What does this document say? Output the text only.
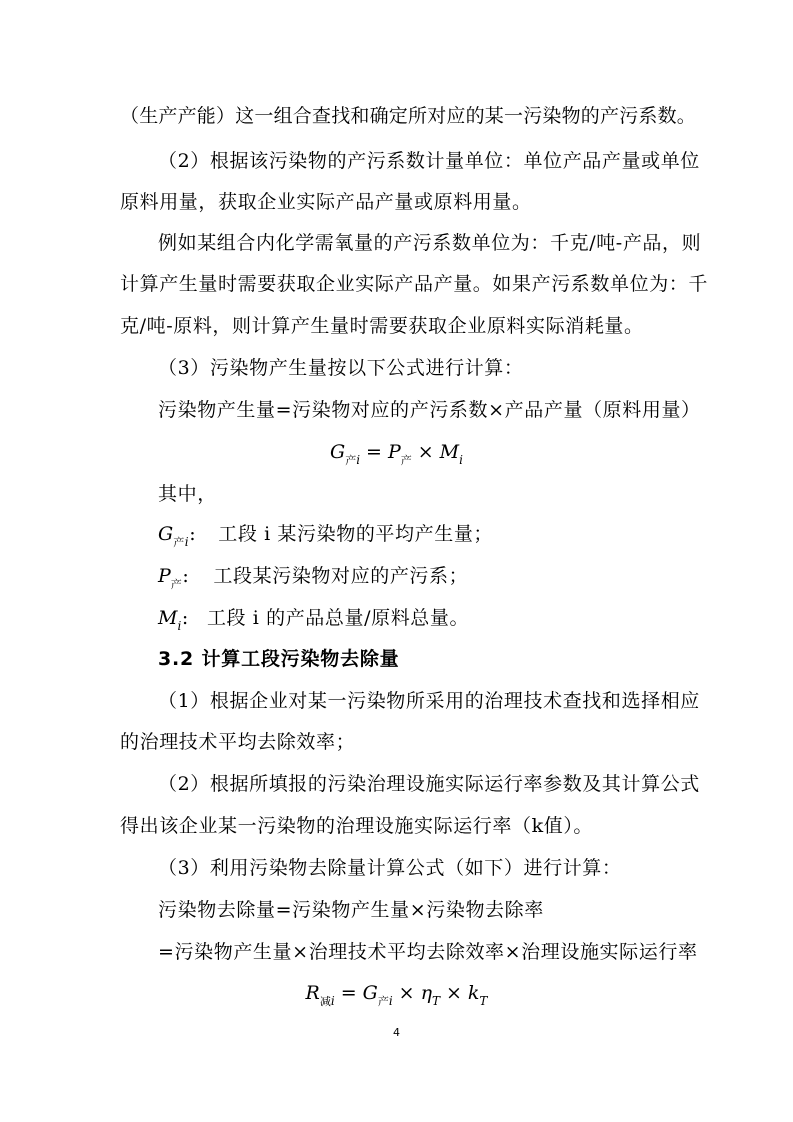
（生产产能）这一组合查找和确定所对应的某一污染物的产污系数。
（2）根据该污染物的产污系数计量单位：单位产品产量或单位
原料用量，获取企业实际产品产量或原料用量。
例如某组合内化学需氧量的产污系数单位为：千克/吨-产品，则
计算产生量时需要获取企业实际产品产量。如果产污系数单位为：千
克/吨-原料，则计算产生量时需要获取企业原料实际消耗量。
（3）污染物产生量按以下公式进行计算：
污染物产生量=污染物对应的产污系数×产品产量（原料用量）
$G_{产i} = P_产 \times M_i$
其中，
$G_{产i}$: 工段 i 某污染物的平均产生量；
$P_产$: 工段某污染物对应的产污系；
$M_i$: 工段 i 的产品总量/原料总量。
3.2 计算工段污染物去除量
（1）根据企业对某一污染物所采用的治理技术查找和选择相应
的治理技术平均去除效率；
（2）根据所填报的污染治理设施实际运行率参数及其计算公式
得出该企业某一污染物的治理设施实际运行率（k值）。
（3）利用污染物去除量计算公式（如下）进行计算：
污染物去除量=污染物产生量×污染物去除率
=污染物产生量×治理技术平均去除效率×治理设施实际运行率
$R_{减i} = G_{产i} \times \eta_T \times k_T$
4
